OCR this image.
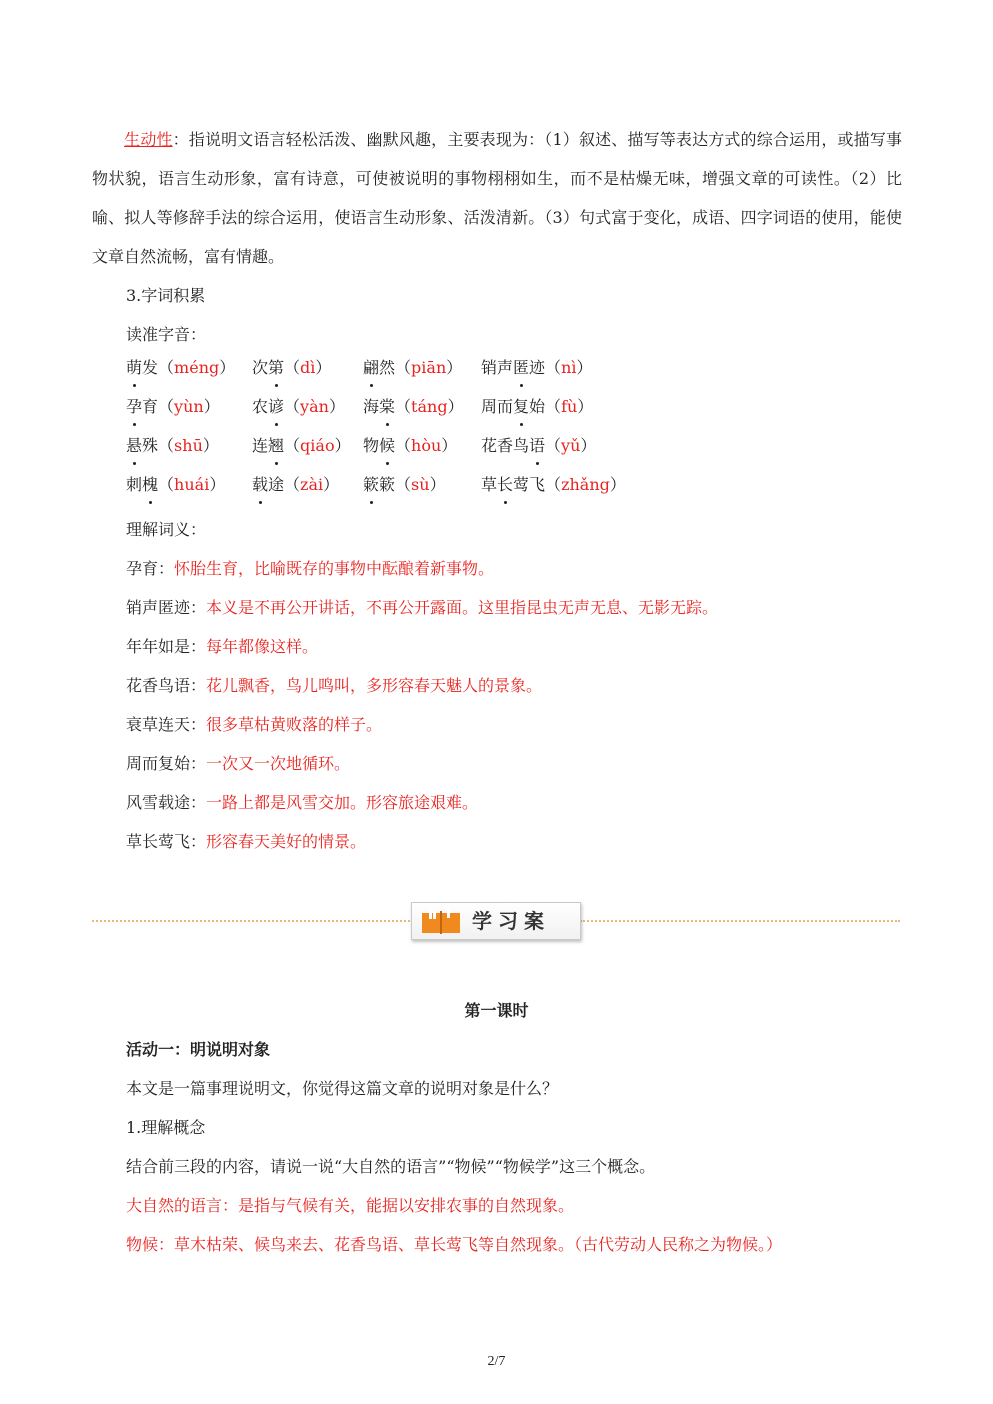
生动性：指说明文语言轻松活泼、幽默风趣，主要表现为：（1）叙述、描写等表达方式的综合运用，或描写事物状貌，语言生动形象，富有诗意，可使被说明的事物栩栩如生，而不是枯燥无味，增强文章的可读性。（2）比喻、拟人等修辞手法的综合运用，使语言生动形象、活泼清新。（3）句式富于变化，成语、四字词语的使用，能使文章自然流畅，富有情趣。
3.字词积累
读准字音：
萌发（méng） 次第（dì） 翩然（piān） 销声匿迹（nì）
孕育（yùn） 农谚（yàn） 海棠（táng） 周而复始（fù）
悬殊（shū） 连翘（qiáo） 物候（hòu） 花香鸟语（yǔ）
刺槐（huái） 载途（zài） 簌簌（sù） 草长莺飞（zhǎng）
理解词义：
孕育：怀胎生育，比喻既存的事物中酝酿着新事物。
销声匿迹：本义是不再公开讲话，不再公开露面。这里指昆虫无声无息、无影无踪。
年年如是：每年都像这样。
花香鸟语：花儿飘香，鸟儿鸣叫，多形容春天魅人的景象。
衰草连天：很多草枯黄败落的样子。
周而复始：一次又一次地循环。
风雪载途：一路上都是风雪交加。形容旅途艰难。
草长莺飞：形容春天美好的情景。
学习案
第一课时
活动一：明说明对象
本文是一篇事理说明文，你觉得这篇文章的说明对象是什么？
1.理解概念
结合前三段的内容，请说一说“大自然的语言”“物候”“物候学”这三个概念。
大自然的语言：是指与气候有关，能据以安排农事的自然现象。
物候：草木枯荣、候鸟来去、花香鸟语、草长莺飞等自然现象。（古代劳动人民称之为物候。）
2/7
